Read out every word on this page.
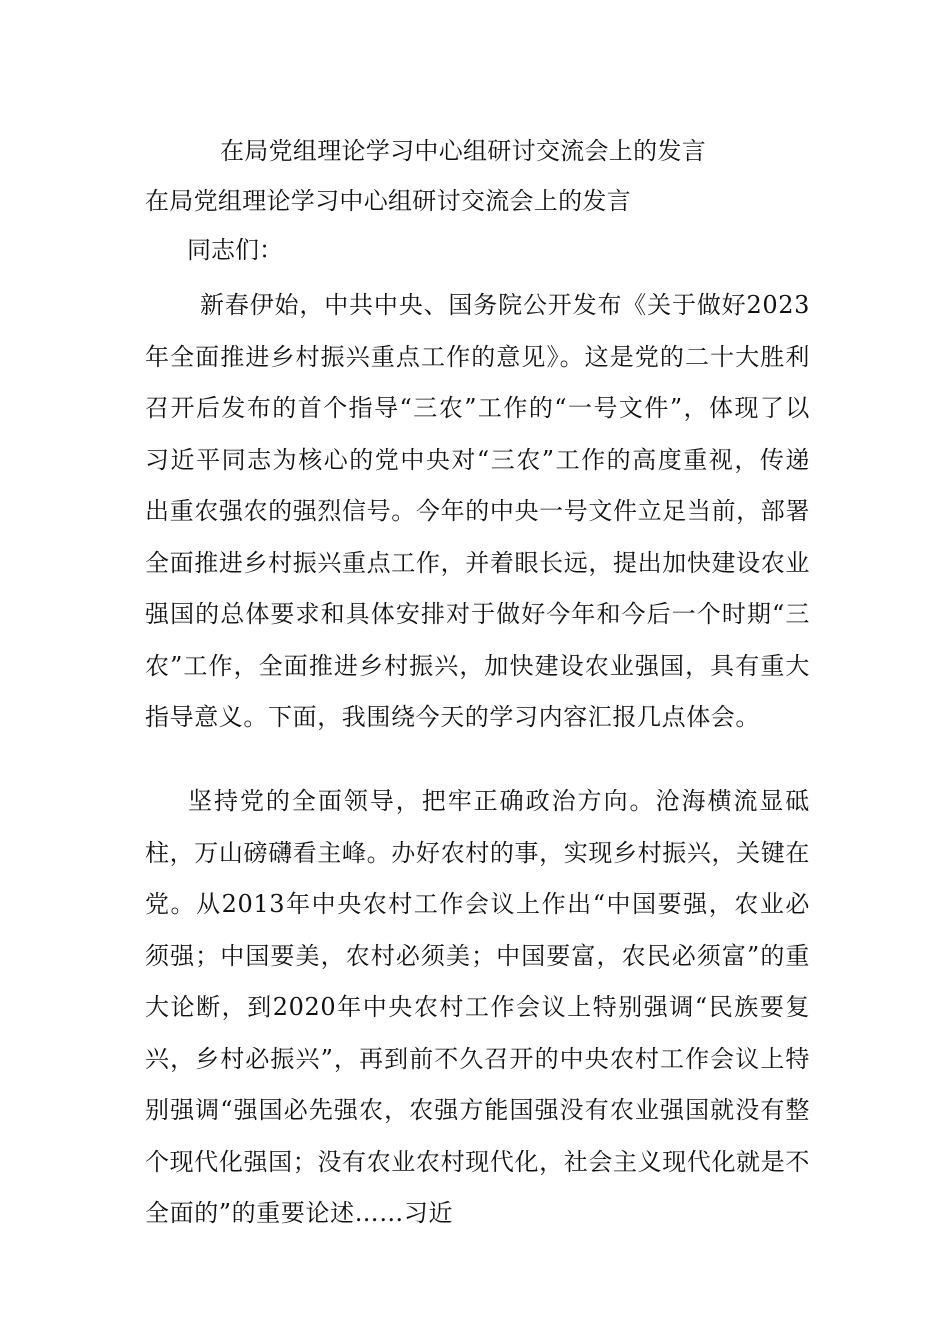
在局党组理论学习中心组研讨交流会上的发言
在局党组理论学习中心组研讨交流会上的发言
同志们：

新春伊始，中共中央、国务院公开发布《关于做好2023年全面推进乡村振兴重点工作的意见》。这是党的二十大胜利召开后发布的首个指导“三农”工作的“一号文件”，体现了以习近平同志为核心的党中央对“三农”工作的高度重视，传递出重农强农的强烈信号。今年的中央一号文件立足当前，部署全面推进乡村振兴重点工作，并着眼长远，提出加快建设农业强国的总体要求和具体安排对于做好今年和今后一个时期“三农”工作，全面推进乡村振兴，加快建设农业强国，具有重大指导意义。下面，我围绕今天的学习内容汇报几点体会。

坚持党的全面领导，把牢正确政治方向。沧海横流显砥柱，万山磅礴看主峰。办好农村的事，实现乡村振兴，关键在党。从2013年中央农村工作会议上作出“中国要强，农业必须强；中国要美，农村必须美；中国要富，农民必须富”的重大论断，到2020年中央农村工作会议上特别强调“民族要复兴，乡村必振兴”，再到前不久召开的中央农村工作会议上特别强调“强国必先强农，农强方能国强没有农业强国就没有整个现代化强国；没有农业农村现代化，社会主义现代化就是不全面的”的重要论述……习近
